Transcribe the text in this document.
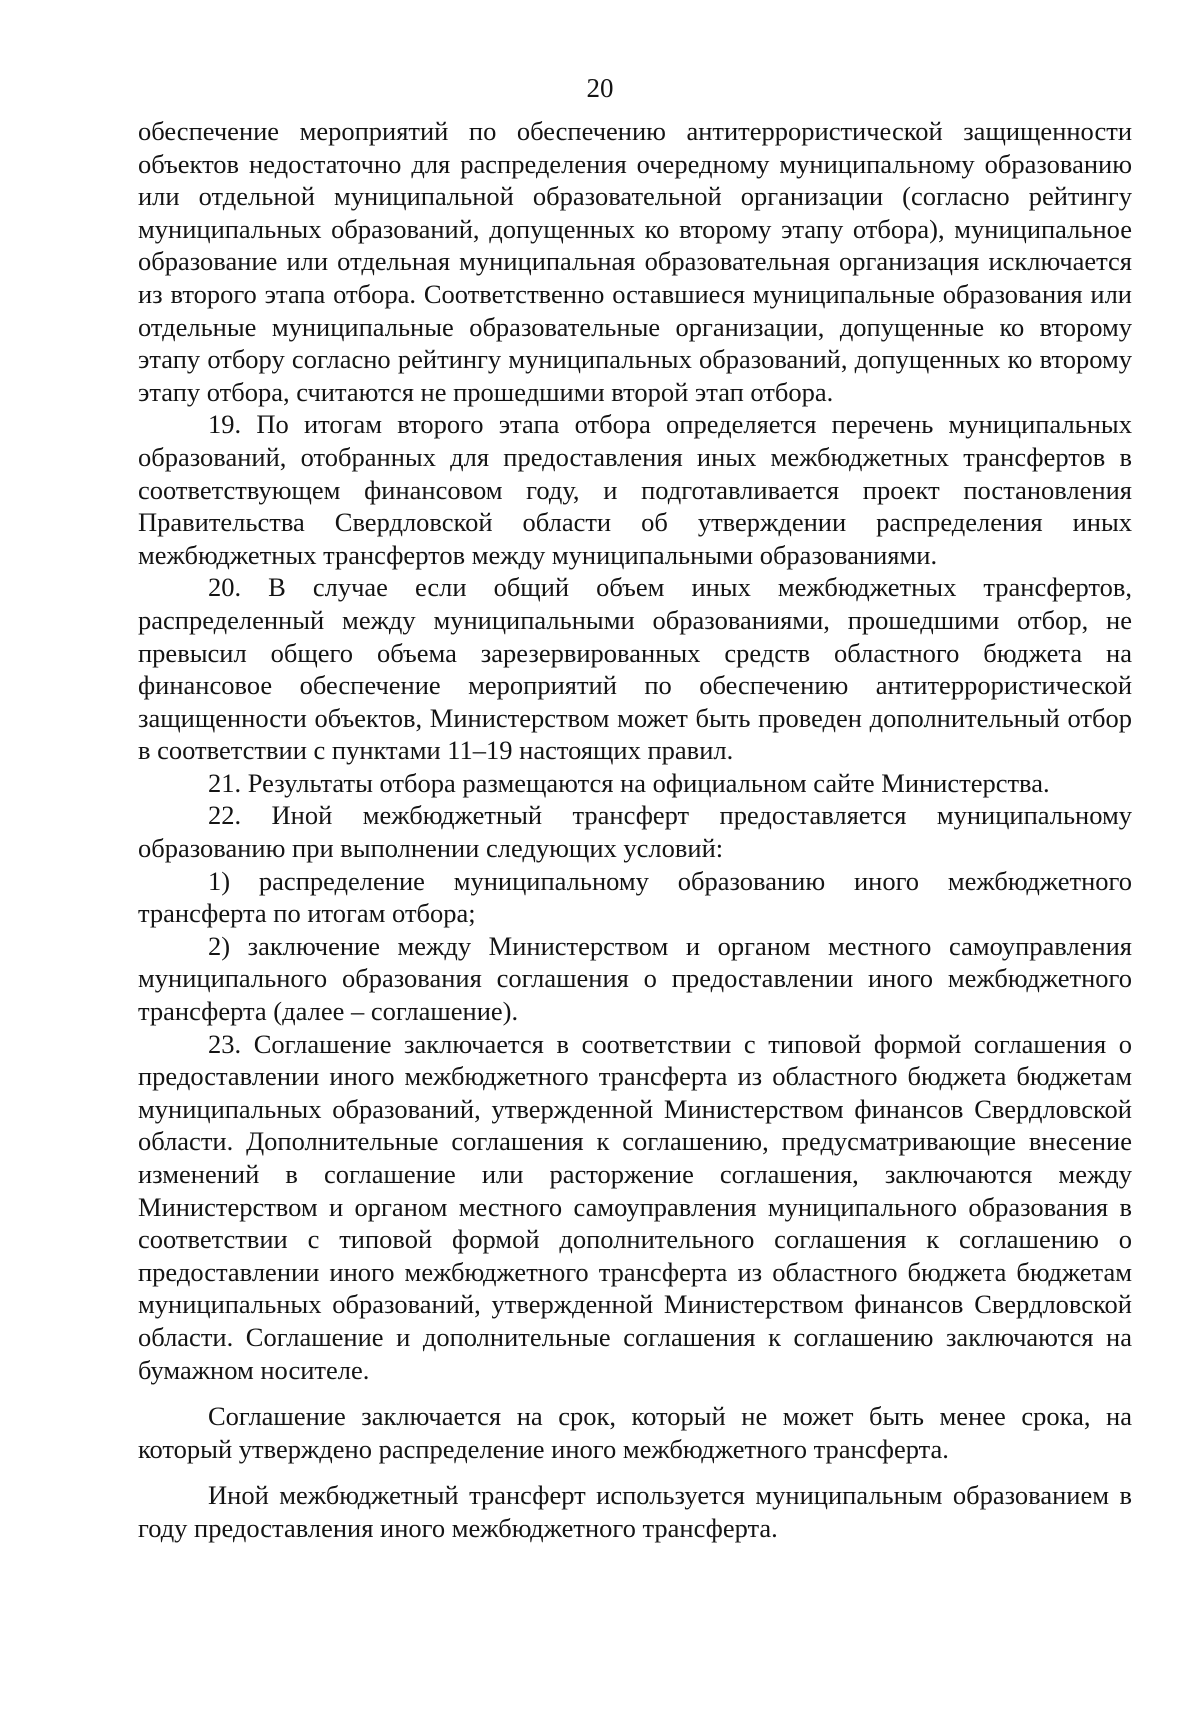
20

обеспечение мероприятий по обеспечению антитеррористической защищенности объектов недостаточно для распределения очередному муниципальному образованию или отдельной муниципальной образовательной организации (согласно рейтингу муниципальных образований, допущенных ко второму этапу отбора), муниципальное образование или отдельная муниципальная образовательная организация исключается из второго этапа отбора. Соответственно оставшиеся муниципальные образования или отдельные муниципальные образовательные организации, допущенные ко второму этапу отбору согласно рейтингу муниципальных образований, допущенных ко второму этапу отбора, считаются не прошедшими второй этап отбора.

19. По итогам второго этапа отбора определяется перечень муниципальных образований, отобранных для предоставления иных межбюджетных трансфертов в соответствующем финансовом году, и подготавливается проект постановления Правительства Свердловской области об утверждении распределения иных межбюджетных трансфертов между муниципальными образованиями.

20. В случае если общий объем иных межбюджетных трансфертов, распределенный между муниципальными образованиями, прошедшими отбор, не превысил общего объема зарезервированных средств областного бюджета на финансовое обеспечение мероприятий по обеспечению антитеррористической защищенности объектов, Министерством может быть проведен дополнительный отбор в соответствии с пунктами 11–19 настоящих правил.

21. Результаты отбора размещаются на официальном сайте Министерства.

22. Иной межбюджетный трансферт предоставляется муниципальному образованию при выполнении следующих условий:

1) распределение муниципальному образованию иного межбюджетного трансферта по итогам отбора;

2) заключение между Министерством и органом местного самоуправления муниципального образования соглашения о предоставлении иного межбюджетного трансферта (далее – соглашение).

23. Соглашение заключается в соответствии с типовой формой соглашения о предоставлении иного межбюджетного трансферта из областного бюджета бюджетам муниципальных образований, утвержденной Министерством финансов Свердловской области. Дополнительные соглашения к соглашению, предусматривающие внесение изменений в соглашение или расторжение соглашения, заключаются между Министерством и органом местного самоуправления муниципального образования в соответствии с типовой формой дополнительного соглашения к соглашению о предоставлении иного межбюджетного трансферта из областного бюджета бюджетам муниципальных образований, утвержденной Министерством финансов Свердловской области. Соглашение и дополнительные соглашения к соглашению заключаются на бумажном носителе.

Соглашение заключается на срок, который не может быть менее срока, на который утверждено распределение иного межбюджетного трансферта.

Иной межбюджетный трансферт используется муниципальным образованием в году предоставления иного межбюджетного трансферта.
